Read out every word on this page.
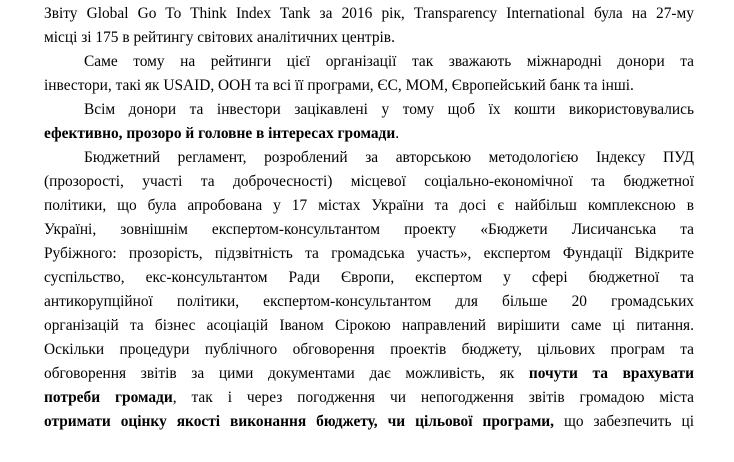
Звіту Global Go To Think Index Tank за 2016 рік, Transparency International була на 27-му
місці зі 175 в рейтингу світових аналітичних центрів.
Саме тому на рейтинги цієї організації так зважають міжнародні донори та
інвестори, такі як USAID, ООН та всі її програми, ЄС, МОМ, Європейський банк та інші.
Всім донори та інвестори зацікавлені у тому щоб їх кошти використовувались
ефективно, прозоро й головне в інтересах громади.
Бюджетний регламент, розроблений за авторською методологією Індексу ПУД
(прозорості, участі та доброчесності) місцевої соціально-економічної та бюджетної
політики, що була апробована у 17 містах України та досі є найбільш комплексною в
Україні, зовнішнім експертом-консультантом проекту «Бюджети Лисичанська та
Рубіжного: прозорість, підзвітність та громадська участь», експертом Фундації Відкрите
суспільство, екс-консультантом Ради Європи, експертом у сфері бюджетної та
антикорупційної політики, експертом-консультантом для більше 20 громадських
організацій та бізнес асоціацій Іваном Сірокою направлений вирішити саме ці питання.
Оскільки процедури публічного обговорення проектів бюджету, цільових програм та
обговорення звітів за цими документами дає можливість, як почути та врахувати
потреби громади, так і через погодження чи непогодження звітів громадою міста
отримати оцінку якості виконання бюджету, чи цільової програми, що забезпечить ці
